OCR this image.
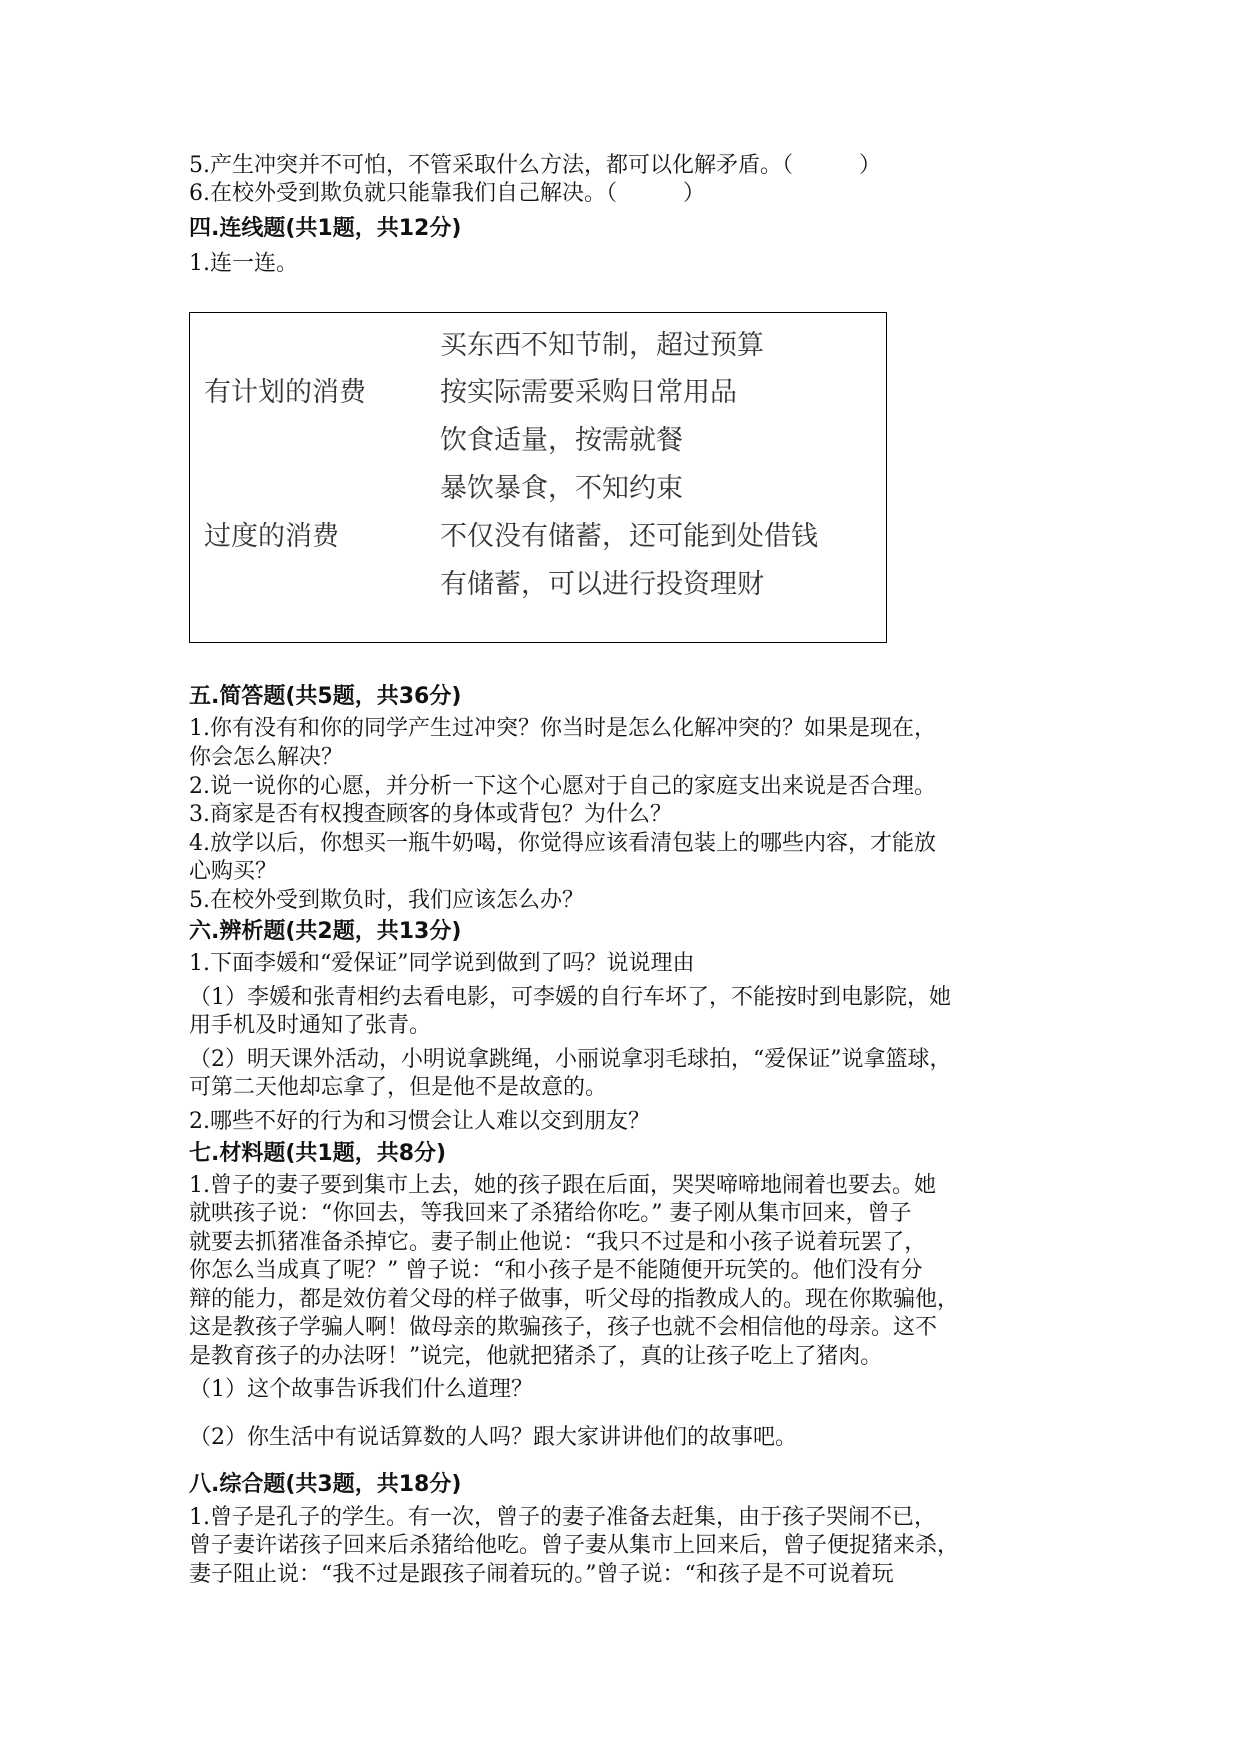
5.产生冲突并不可怕，不管采取什么方法，都可以化解矛盾。（　　　）
6.在校外受到欺负就只能靠我们自己解决。（　　　）
四.连线题(共1题，共12分)
1.连一连。
有计划的消费
过度的消费
买东西不知节制，超过预算
按实际需要采购日常用品
饮食适量，按需就餐
暴饮暴食，不知约束
不仅没有储蓄，还可能到处借钱
有储蓄，可以进行投资理财
五.简答题(共5题，共36分)
1.你有没有和你的同学产生过冲突？你当时是怎么化解冲突的？如果是现在，
你会怎么解决？
2.说一说你的心愿，并分析一下这个心愿对于自己的家庭支出来说是否合理。
3.商家是否有权搜查顾客的身体或背包？为什么？
4.放学以后，你想买一瓶牛奶喝，你觉得应该看清包装上的哪些内容，才能放
心购买？
5.在校外受到欺负时，我们应该怎么办？
六.辨析题(共2题，共13分)
1.下面李媛和“爱保证”同学说到做到了吗？说说理由
（1）李媛和张青相约去看电影，可李媛的自行车坏了，不能按时到电影院，她
用手机及时通知了张青。
（2）明天课外活动，小明说拿跳绳，小丽说拿羽毛球拍，“爱保证”说拿篮球，
可第二天他却忘拿了，但是他不是故意的。
2.哪些不好的行为和习惯会让人难以交到朋友？
七.材料题(共1题，共8分)
1.曾子的妻子要到集市上去，她的孩子跟在后面，哭哭啼啼地闹着也要去。她
就哄孩子说：“你回去，等我回来了杀猪给你吃。” 妻子刚从集市回来，曾子
就要去抓猪准备杀掉它。妻子制止他说：“我只不过是和小孩子说着玩罢了，
你怎么当成真了呢？” 曾子说：“和小孩子是不能随便开玩笑的。他们没有分
辩的能力，都是效仿着父母的样子做事，听父母的指教成人的。现在你欺骗他，
这是教孩子学骗人啊！做母亲的欺骗孩子，孩子也就不会相信他的母亲。这不
是教育孩子的办法呀！”说完，他就把猪杀了，真的让孩子吃上了猪肉。
（1）这个故事告诉我们什么道理？
（2）你生活中有说话算数的人吗？跟大家讲讲他们的故事吧。
八.综合题(共3题，共18分)
1.曾子是孔子的学生。有一次，曾子的妻子准备去赶集，由于孩子哭闹不已，
曾子妻许诺孩子回来后杀猪给他吃。曾子妻从集市上回来后，曾子便捉猪来杀，
妻子阻止说：“我不过是跟孩子闹着玩的。”曾子说：“和孩子是不可说着玩
